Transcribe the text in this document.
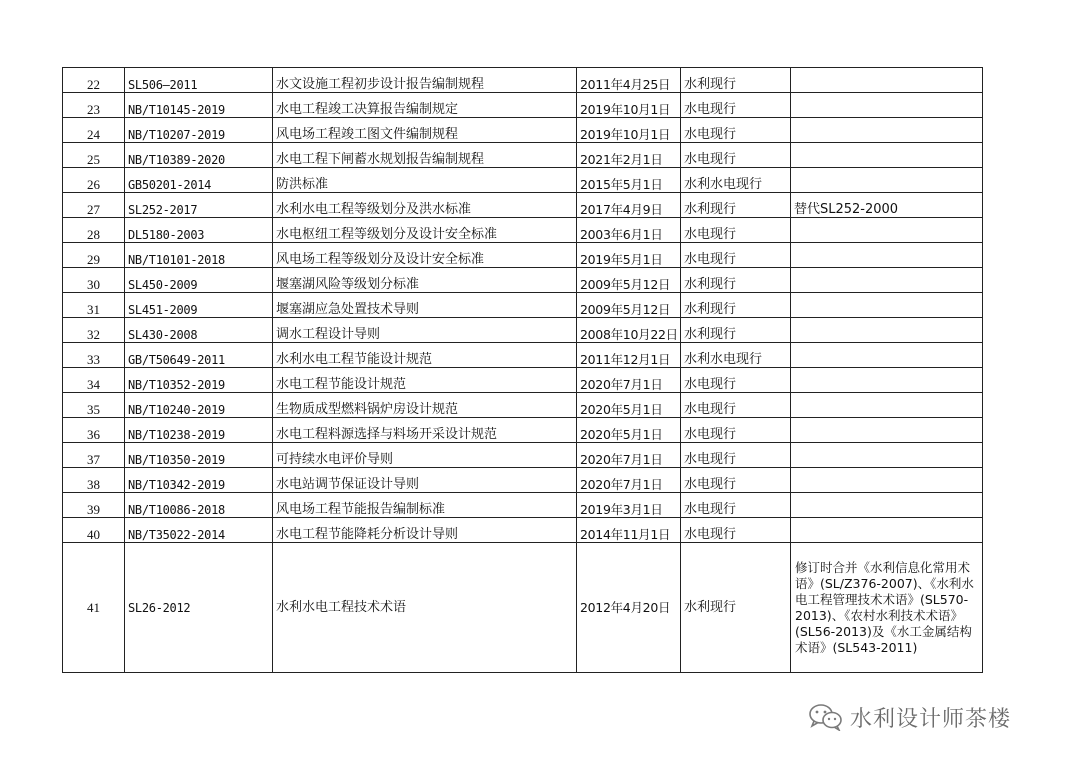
22	SL506—2011	水文设施工程初步设计报告编制规程	2011年4月25日	水利现行	
23	NB/T10145-2019	水电工程竣工决算报告编制规定	2019年10月1日	水电现行	
24	NB/T10207-2019	风电场工程竣工图文件编制规程	2019年10月1日	水电现行	
25	NB/T10389-2020	水电工程下闸蓄水规划报告编制规程	2021年2月1日	水电现行	
26	GB50201-2014	防洪标准	2015年5月1日	水利水电现行	
27	SL252-2017	水利水电工程等级划分及洪水标准	2017年4月9日	水利现行	替代SL252-2000
28	DL5180-2003	水电枢纽工程等级划分及设计安全标准	2003年6月1日	水电现行	
29	NB/T10101-2018	风电场工程等级划分及设计安全标准	2019年5月1日	水电现行	
30	SL450-2009	堰塞湖风险等级划分标准	2009年5月12日	水利现行	
31	SL451-2009	堰塞湖应急处置技术导则	2009年5月12日	水利现行	
32	SL430-2008	调水工程设计导则	2008年10月22日	水利现行	
33	GB/T50649-2011	水利水电工程节能设计规范	2011年12月1日	水利水电现行	
34	NB/T10352-2019	水电工程节能设计规范	2020年7月1日	水电现行	
35	NB/T10240-2019	生物质成型燃料锅炉房设计规范	2020年5月1日	水电现行	
36	NB/T10238-2019	水电工程料源选择与料场开采设计规范	2020年5月1日	水电现行	
37	NB/T10350-2019	可持续水电评价导则	2020年7月1日	水电现行	
38	NB/T10342-2019	水电站调节保证设计导则	2020年7月1日	水电现行	
39	NB/T10086-2018	风电场工程节能报告编制标准	2019年3月1日	水电现行	
40	NB/T35022-2014	水电工程节能降耗分析设计导则	2014年11月1日	水电现行	
41	SL26-2012	水利水电工程技术术语	2012年4月20日	水利现行	修订时合并《水利信息化常用术语》(SL/Z376-2007)、《水利水电工程管理技术术语》(SL570-2013)、《农村水利技术术语》(SL56-2013)及《水工金属结构术语》(SL543-2011)
水利设计师茶楼
